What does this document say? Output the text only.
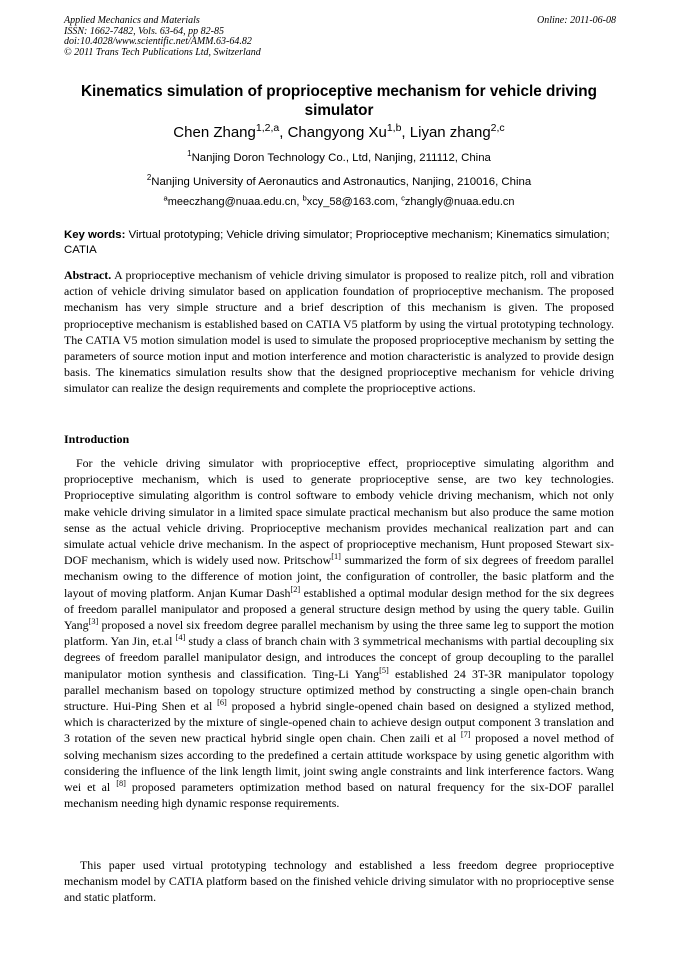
Applied Mechanics and Materials
ISSN: 1662-7482, Vols. 63-64, pp 82-85
doi:10.4028/www.scientific.net/AMM.63-64.82
© 2011 Trans Tech Publications Ltd, Switzerland
Online: 2011-06-08
Kinematics simulation of proprioceptive mechanism for vehicle driving simulator
Chen Zhang$^{1,2,a}$, Changyong Xu$^{1,b}$, Liyan zhang$^{2,c}$
$^1$Nanjing Doron Technology Co., Ltd, Nanjing, 211112, China
$^2$Nanjing University of Aeronautics and Astronautics, Nanjing, 210016, China
$^a$meeczhang@nuaa.edu.cn, $^b$xcy_58@163.com, $^c$zhangly@nuaa.edu.cn
Key words: Virtual prototyping; Vehicle driving simulator; Proprioceptive mechanism; Kinematics simulation; CATIA
Abstract. A proprioceptive mechanism of vehicle driving simulator is proposed to realize pitch, roll and vibration action of vehicle driving simulator based on application foundation of proprioceptive mechanism. The proposed mechanism has very simple structure and a brief description of this mechanism is given. The proposed proprioceptive mechanism is established based on CATIA V5 platform by using the virtual prototyping technology. The CATIA V5 motion simulation model is used to simulate the proposed proprioceptive mechanism by setting the parameters of source motion input and motion interference and motion characteristic is analyzed to provide design basis. The kinematics simulation results show that the designed proprioceptive mechanism for vehicle driving simulator can realize the design requirements and complete the proprioceptive actions.
Introduction
For the vehicle driving simulator with proprioceptive effect, proprioceptive simulating algorithm and proprioceptive mechanism, which is used to generate proprioceptive sense, are two key technologies. Proprioceptive simulating algorithm is control software to embody vehicle driving mechanism, which not only make vehicle driving simulator in a limited space simulate practical mechanism but also produce the same motion sense as the actual vehicle driving. Proprioceptive mechanism provides mechanical realization part and can simulate actual vehicle drive mechanism. In the aspect of proprioceptive mechanism, Hunt proposed Stewart six-DOF mechanism, which is widely used now. Pritschow[1] summarized the form of six degrees of freedom parallel mechanism owing to the difference of motion joint, the configuration of controller, the basic platform and the layout of moving platform. Anjan Kumar Dash[2] established a optimal modular design method for the six degrees of freedom parallel manipulator and proposed a general structure design method by using the query table. Guilin Yang[3] proposed a novel six freedom degree parallel mechanism by using the three same leg to support the motion platform. Yan Jin, et.al [4] study a class of branch chain with 3 symmetrical mechanisms with partial decoupling six degrees of freedom parallel manipulator design, and introduces the concept of group decoupling to the parallel manipulator motion synthesis and classification. Ting-Li Yang[5] established 24 3T-3R manipulator topology parallel mechanism based on topology structure optimized method by constructing a single open-chain branch structure. Hui-Ping Shen et al [6] proposed a hybrid single-opened chain based on designed a stylized method, which is characterized by the mixture of single-opened chain to achieve design output component 3 translation and 3 rotation of the seven new practical hybrid single open chain. Chen zaili et al [7] proposed a novel method of solving mechanism sizes according to the predefined a certain attitude workspace by using genetic algorithm with considering the influence of the link length limit, joint swing angle constraints and link interference factors. Wang wei et al [8] proposed parameters optimization method based on natural frequency for the six-DOF parallel mechanism needing high dynamic response requirements.
This paper used virtual prototyping technology and established a less freedom degree proprioceptive mechanism model by CATIA platform based on the finished vehicle driving simulator with no proprioceptive sense and static platform.
